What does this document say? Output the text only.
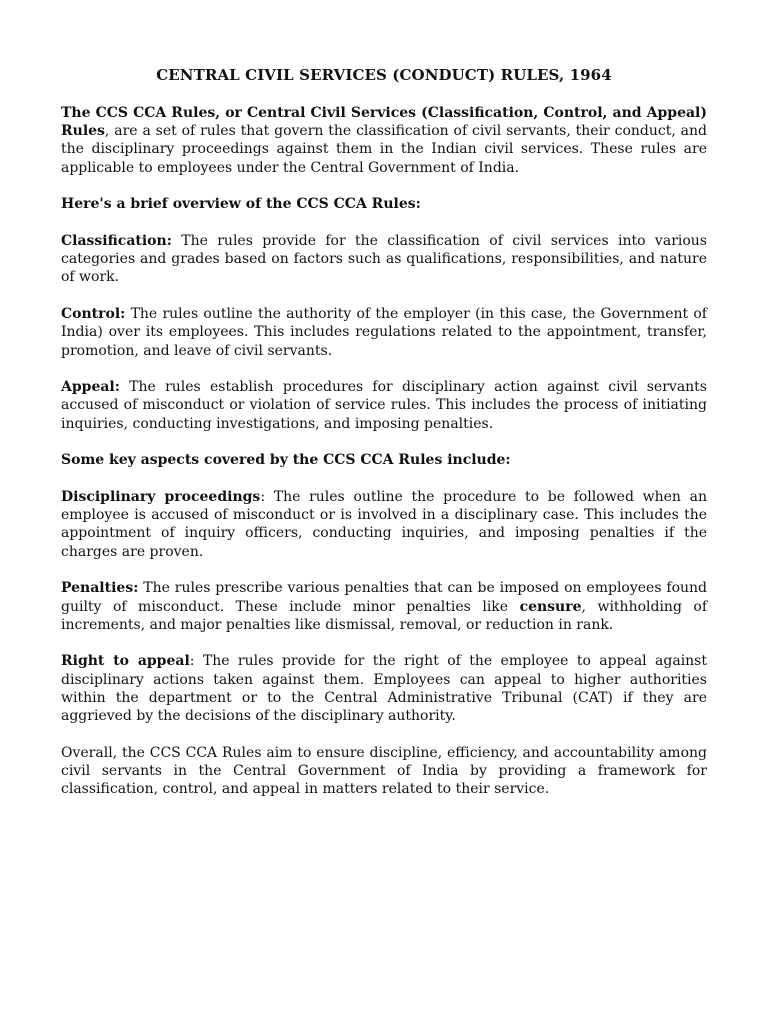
CENTRAL CIVIL SERVICES (CONDUCT) RULES, 1964

The CCS CCA Rules, or Central Civil Services (Classification, Control, and Appeal) Rules, are a set of rules that govern the classification of civil servants, their conduct, and the disciplinary proceedings against them in the Indian civil services. These rules are applicable to employees under the Central Government of India.

Here's a brief overview of the CCS CCA Rules:

Classification: The rules provide for the classification of civil services into various categories and grades based on factors such as qualifications, responsibilities, and nature of work.

Control: The rules outline the authority of the employer (in this case, the Government of India) over its employees. This includes regulations related to the appointment, transfer, promotion, and leave of civil servants.

Appeal: The rules establish procedures for disciplinary action against civil servants accused of misconduct or violation of service rules. This includes the process of initiating inquiries, conducting investigations, and imposing penalties.

Some key aspects covered by the CCS CCA Rules include:

Disciplinary proceedings: The rules outline the procedure to be followed when an employee is accused of misconduct or is involved in a disciplinary case. This includes the appointment of inquiry officers, conducting inquiries, and imposing penalties if the charges are proven.

Penalties: The rules prescribe various penalties that can be imposed on employees found guilty of misconduct. These include minor penalties like censure, withholding of increments, and major penalties like dismissal, removal, or reduction in rank.

Right to appeal: The rules provide for the right of the employee to appeal against disciplinary actions taken against them. Employees can appeal to higher authorities within the department or to the Central Administrative Tribunal (CAT) if they are aggrieved by the decisions of the disciplinary authority.

Overall, the CCS CCA Rules aim to ensure discipline, efficiency, and accountability among civil servants in the Central Government of India by providing a framework for classification, control, and appeal in matters related to their service.
